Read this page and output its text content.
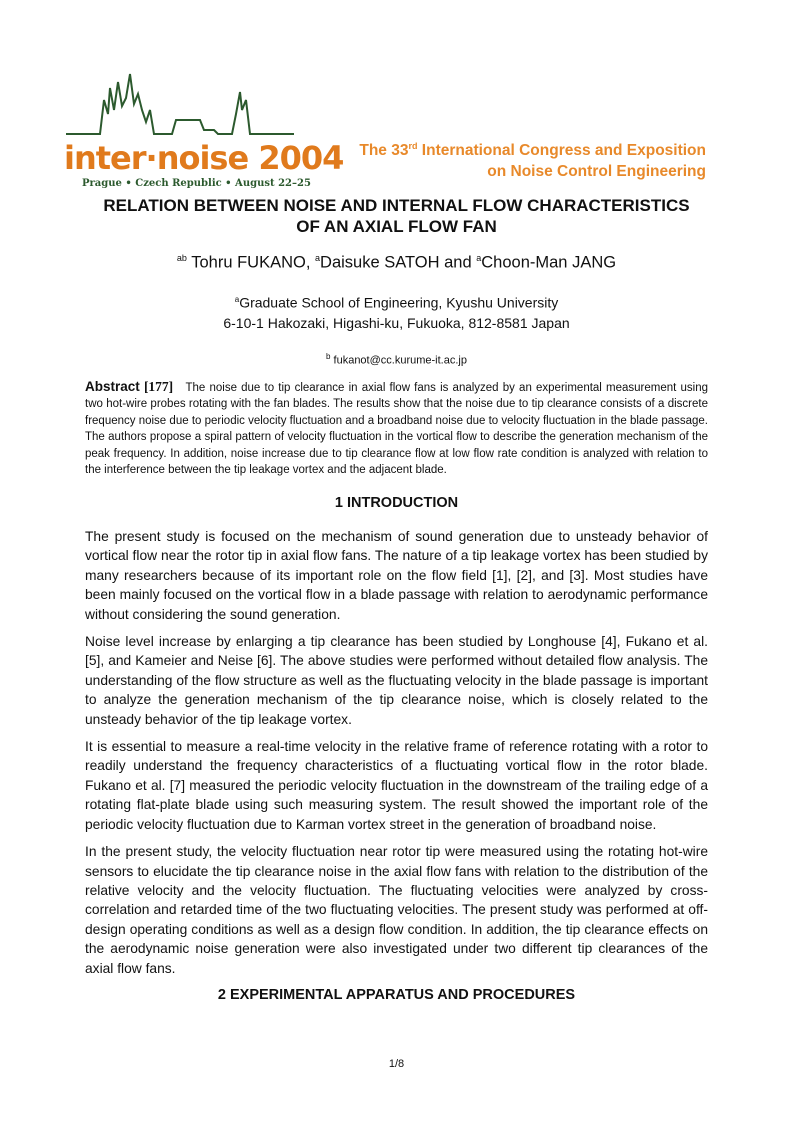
inter·noise 2004
Prague • Czech Republic • August 22–25
The 33rd International Congress and Exposition
on Noise Control Engineering
RELATION BETWEEN NOISE AND INTERNAL FLOW CHARACTERISTICS
OF AN AXIAL FLOW FAN
$^{ab}$ Tohru FUKANO, $^a$Daisuke SATOH and $^a$Choon-Man JANG
$^a$Graduate School of Engineering, Kyushu University
6-10-1 Hakozaki, Higashi-ku, Fukuoka, 812-8581 Japan
$^b$ fukanot@cc.kurume-it.ac.jp
Abstract [177] The noise due to tip clearance in axial flow fans is analyzed by an experimental measurement using two hot-wire probes rotating with the fan blades. The results show that the noise due to tip clearance consists of a discrete frequency noise due to periodic velocity fluctuation and a broadband noise due to velocity fluctuation in the blade passage. The authors propose a spiral pattern of velocity fluctuation in the vortical flow to describe the generation mechanism of the peak frequency. In addition, noise increase due to tip clearance flow at low flow rate condition is analyzed with relation to the interference between the tip leakage vortex and the adjacent blade.
1 INTRODUCTION

The present study is focused on the mechanism of sound generation due to unsteady behavior of vortical flow near the rotor tip in axial flow fans. The nature of a tip leakage vortex has been studied by many researchers because of its important role on the flow field [1], [2], and [3]. Most studies have been mainly focused on the vortical flow in a blade passage with relation to aerodynamic performance without considering the sound generation.

Noise level increase by enlarging a tip clearance has been studied by Longhouse [4], Fukano et al. [5], and Kameier and Neise [6]. The above studies were performed without detailed flow analysis. The understanding of the flow structure as well as the fluctuating velocity in the blade passage is important to analyze the generation mechanism of the tip clearance noise, which is closely related to the unsteady behavior of the tip leakage vortex.

It is essential to measure a real-time velocity in the relative frame of reference rotating with a rotor to readily understand the frequency characteristics of a fluctuating vortical flow in the rotor blade. Fukano et al. [7] measured the periodic velocity fluctuation in the downstream of the trailing edge of a rotating flat-plate blade using such measuring system. The result showed the important role of the periodic velocity fluctuation due to Karman vortex street in the generation of broadband noise.

In the present study, the velocity fluctuation near rotor tip were measured using the rotating hot-wire sensors to elucidate the tip clearance noise in the axial flow fans with relation to the distribution of the relative velocity and the velocity fluctuation. The fluctuating velocities were analyzed by cross-correlation and retarded time of the two fluctuating velocities. The present study was performed at off-design operating conditions as well as a design flow condition. In addition, the tip clearance effects on the aerodynamic noise generation were also investigated under two different tip clearances of the axial flow fans.

2 EXPERIMENTAL APPARATUS AND PROCEDURES
1/8
